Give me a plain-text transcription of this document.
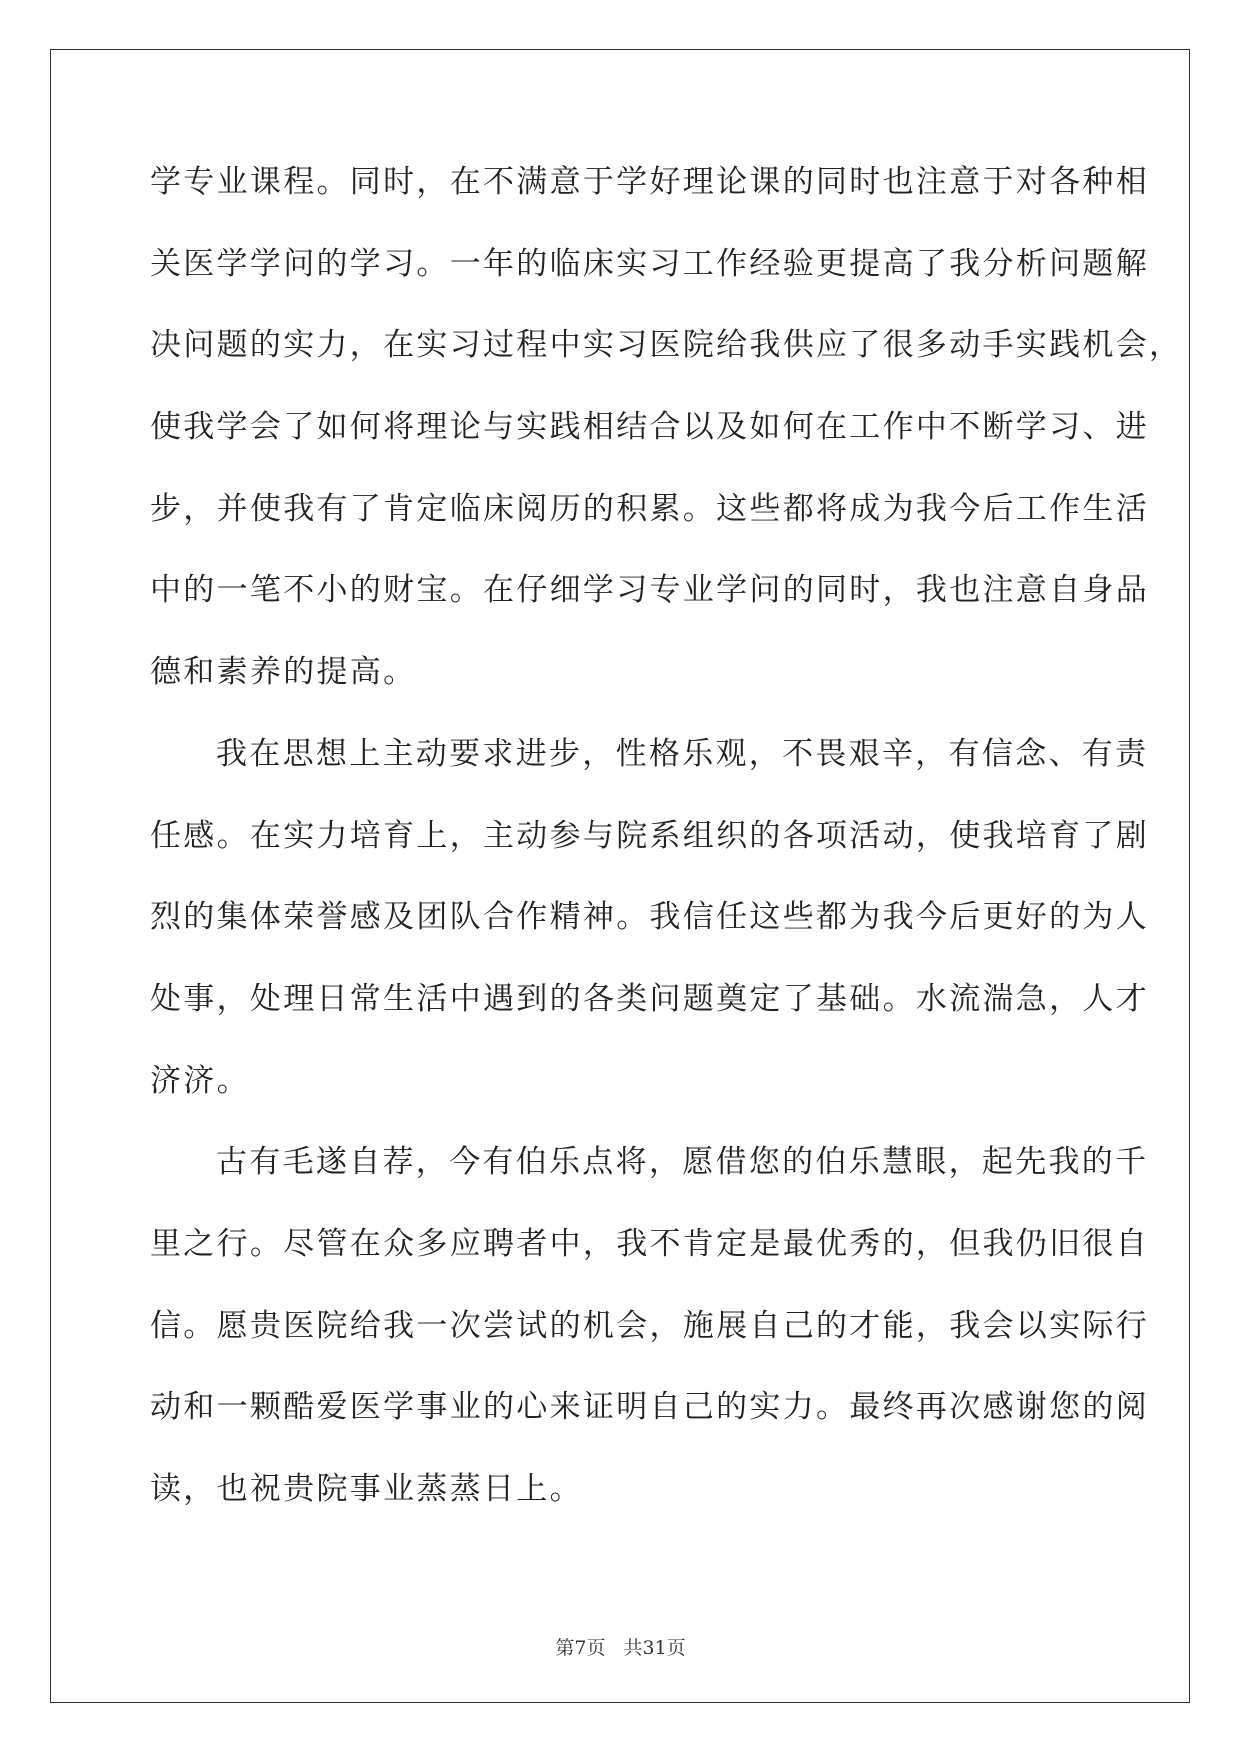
学专业课程。同时，在不满意于学好理论课的同时也注意于对各种相
关医学学问的学习。一年的临床实习工作经验更提高了我分析问题解
决问题的实力，在实习过程中实习医院给我供应了很多动手实践机会，
使我学会了如何将理论与实践相结合以及如何在工作中不断学习、进
步，并使我有了肯定临床阅历的积累。这些都将成为我今后工作生活
中的一笔不小的财宝。在仔细学习专业学问的同时，我也注意自身品
德和素养的提高。
我在思想上主动要求进步，性格乐观，不畏艰辛，有信念、有责
任感。在实力培育上，主动参与院系组织的各项活动，使我培育了剧
烈的集体荣誉感及团队合作精神。我信任这些都为我今后更好的为人
处事，处理日常生活中遇到的各类问题奠定了基础。水流湍急，人才
济济。
古有毛遂自荐，今有伯乐点将，愿借您的伯乐慧眼，起先我的千
里之行。尽管在众多应聘者中，我不肯定是最优秀的，但我仍旧很自
信。愿贵医院给我一次尝试的机会，施展自己的才能，我会以实际行
动和一颗酷爱医学事业的心来证明自己的实力。最终再次感谢您的阅
读，也祝贵院事业蒸蒸日上。
第7页 共31页
